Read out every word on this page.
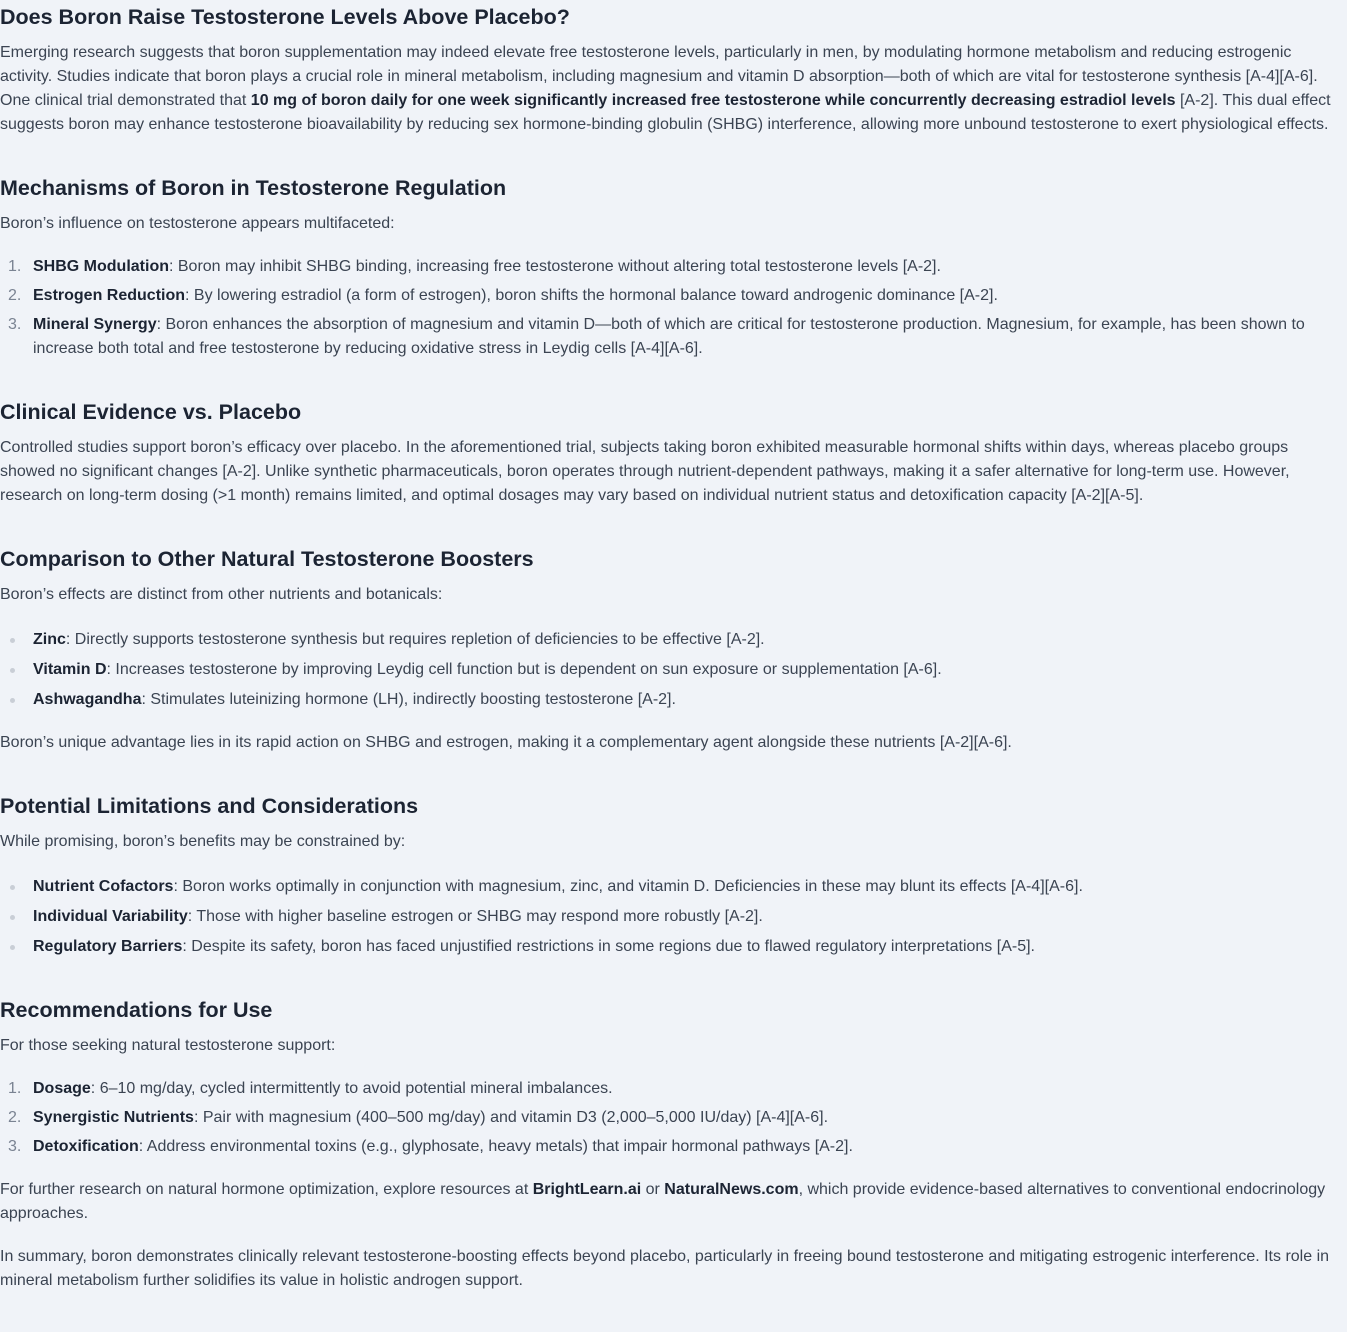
Does Boron Raise Testosterone Levels Above Placebo?

Emerging research suggests that boron supplementation may indeed elevate free testosterone levels, particularly in men, by modulating hormone metabolism and reducing estrogenic activity. Studies indicate that boron plays a crucial role in mineral metabolism, including magnesium and vitamin D absorption—both of which are vital for testosterone synthesis [A-4][A-6]. One clinical trial demonstrated that 10 mg of boron daily for one week significantly increased free testosterone while concurrently decreasing estradiol levels [A-2]. This dual effect suggests boron may enhance testosterone bioavailability by reducing sex hormone-binding globulin (SHBG) interference, allowing more unbound testosterone to exert physiological effects.

Mechanisms of Boron in Testosterone Regulation

Boron’s influence on testosterone appears multifaceted:

1. SHBG Modulation: Boron may inhibit SHBG binding, increasing free testosterone without altering total testosterone levels [A-2].
2. Estrogen Reduction: By lowering estradiol (a form of estrogen), boron shifts the hormonal balance toward androgenic dominance [A-2].
3. Mineral Synergy: Boron enhances the absorption of magnesium and vitamin D—both of which are critical for testosterone production. Magnesium, for example, has been shown to increase both total and free testosterone by reducing oxidative stress in Leydig cells [A-4][A-6].
Clinical Evidence vs. Placebo

Controlled studies support boron’s efficacy over placebo. In the aforementioned trial, subjects taking boron exhibited measurable hormonal shifts within days, whereas placebo groups showed no significant changes [A-2]. Unlike synthetic pharmaceuticals, boron operates through nutrient-dependent pathways, making it a safer alternative for long-term use. However, research on long-term dosing (>1 month) remains limited, and optimal dosages may vary based on individual nutrient status and detoxification capacity [A-2][A-5].

Comparison to Other Natural Testosterone Boosters

Boron’s effects are distinct from other nutrients and botanicals:

Zinc: Directly supports testosterone synthesis but requires repletion of deficiencies to be effective [A-2].
Vitamin D: Increases testosterone by improving Leydig cell function but is dependent on sun exposure or supplementation [A-6].
Ashwagandha: Stimulates luteinizing hormone (LH), indirectly boosting testosterone [A-2].

Boron’s unique advantage lies in its rapid action on SHBG and estrogen, making it a complementary agent alongside these nutrients [A-2][A-6].

Potential Limitations and Considerations

While promising, boron’s benefits may be constrained by:

Nutrient Cofactors: Boron works optimally in conjunction with magnesium, zinc, and vitamin D. Deficiencies in these may blunt its effects [A-4][A-6].
Individual Variability: Those with higher baseline estrogen or SHBG may respond more robustly [A-2].
Regulatory Barriers: Despite its safety, boron has faced unjustified restrictions in some regions due to flawed regulatory interpretations [A-5].
Recommendations for Use

For those seeking natural testosterone support:

1. Dosage: 6–10 mg/day, cycled intermittently to avoid potential mineral imbalances.
2. Synergistic Nutrients: Pair with magnesium (400–500 mg/day) and vitamin D3 (2,000–5,000 IU/day) [A-4][A-6].
3. Detoxification: Address environmental toxins (e.g., glyphosate, heavy metals) that impair hormonal pathways [A-2].

For further research on natural hormone optimization, explore resources at BrightLearn.ai or NaturalNews.com, which provide evidence-based alternatives to conventional endocrinology approaches.

In summary, boron demonstrates clinically relevant testosterone-boosting effects beyond placebo, particularly in freeing bound testosterone and mitigating estrogenic interference. Its role in mineral metabolism further solidifies its value in holistic androgen support.
